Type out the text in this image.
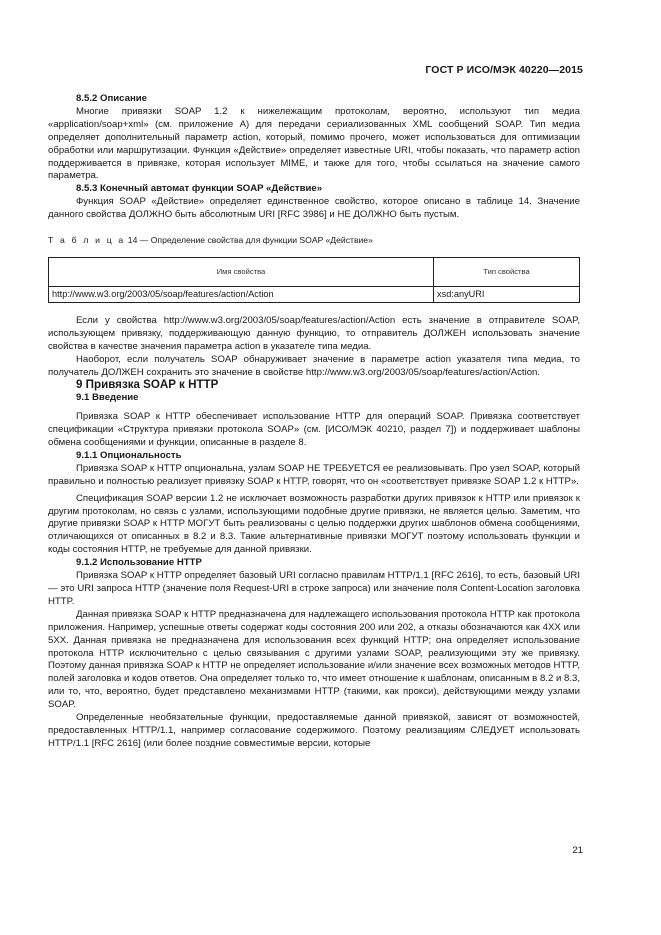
ГОСТ Р ИСО/МЭК 40220—2015

8.5.2 Описание

Многие привязки SOAP 1.2 к нижележащим протоколам, вероятно, используют тип медиа «application/soap+xml» (см. приложение А) для передачи сериализованных XML сообщений SOAP. Тип медиа определяет дополнительный параметр action, который, помимо прочего, может использоваться для оптимизации обработки или маршрутизации. Функция «Действие» определяет известные URI, чтобы показать, что параметр action поддерживается в привязке, которая использует MIME, и также для того, чтобы ссылаться на значение самого параметра.

8.5.3 Конечный автомат функции SOAP «Действие»

Функция SOAP «Действие» определяет единственное свойство, которое описано в таблице 14. Значение данного свойства ДОЛЖНО быть абсолютным URI [RFC 3986] и НЕ ДОЛЖНО быть пустым.

Т а б л и ц а 14 — Определение свойства для функции SOAP «Действие»
Имя свойства	Тип свойства
http://www.w3.org/2003/05/soap/features/action/Action	xsd:anyURI

Если у свойства http://www.w3.org/2003/05/soap/features/action/Action есть значение в отправителе SOAP, использующем привязку, поддерживающую данную функцию, то отправитель ДОЛЖЕН использовать значение свойства в качестве значения параметра action в указателе типа медиа.

Наоборот, если получатель SOAP обнаруживает значение в параметре action указателя типа медиа, то получатель ДОЛЖЕН сохранить это значение в свойстве http://www.w3.org/2003/05/soap/features/action/Action.

9 Привязка SOAP к HTTP

9.1 Введение

Привязка SOAP к HTTP обеспечивает использование HTTP для операций SOAP. Привязка соответствует спецификации «Структура привязки протокола SOAP» (см. [ИСО/МЭК 40210, раздел 7]) и поддерживает шаблоны обмена сообщениями и функции, описанные в разделе 8.

9.1.1 Опциональность

Привязка SOAP к HTTP опциональна, узлам SOAP НЕ ТРЕБУЕТСЯ ее реализовывать. Про узел SOAP, который правильно и полностью реализует привязку SOAP к HTTP, говорят, что он «соответствует привязке SOAP 1.2 к HTTP».

Спецификация SOAP версии 1.2 не исключает возможность разработки других привязок к HTTP или привязок к другим протоколам, но связь с узлами, использующими подобные другие привязки, не является целью. Заметим, что другие привязки SOAP к HTTP МОГУТ быть реализованы с целью поддержки других шаблонов обмена сообщениями, отличающихся от описанных в 8.2 и 8.3. Такие альтернативные привязки МОГУТ поэтому использовать функции и коды состояния HTTP, не требуемые для данной привязки.

9.1.2 Использование HTTP

Привязка SOAP к HTTP определяет базовый URI согласно правилам HTTP/1.1 [RFC 2616], то есть, базовый URI — это URI запроса HTTP (значение поля Request-URI в строке запроса) или значение поля Content-Location заголовка HTTP.

Данная привязка SOAP к HTTP предназначена для надлежащего использования протокола HTTP как протокола приложения. Например, успешные ответы содержат коды состояния 200 или 202, а отказы обозначаются как 4XX или 5XX. Данная привязка не предназначена для использования всех функций HTTP; она определяет использование протокола HTTP исключительно с целью связывания с другими узлами SOAP, реализующими эту же привязку. Поэтому данная привязка SOAP к HTTP не определяет использование и/или значение всех возможных методов HTTP, полей заголовка и кодов ответов. Она определяет только то, что имеет отношение к шаблонам, описанным в 8.2 и 8.3, или то, что, вероятно, будет представлено механизмами HTTP (такими, как прокси), действующими между узлами SOAP.

Определенные необязательные функции, предоставляемые данной привязкой, зависят от возможностей, предоставленных HTTP/1.1, например согласование содержимого. Поэтому реализациям СЛЕДУЕТ использовать HTTP/1.1 [RFC 2616] (или более поздние совместимые версии, которые

21
